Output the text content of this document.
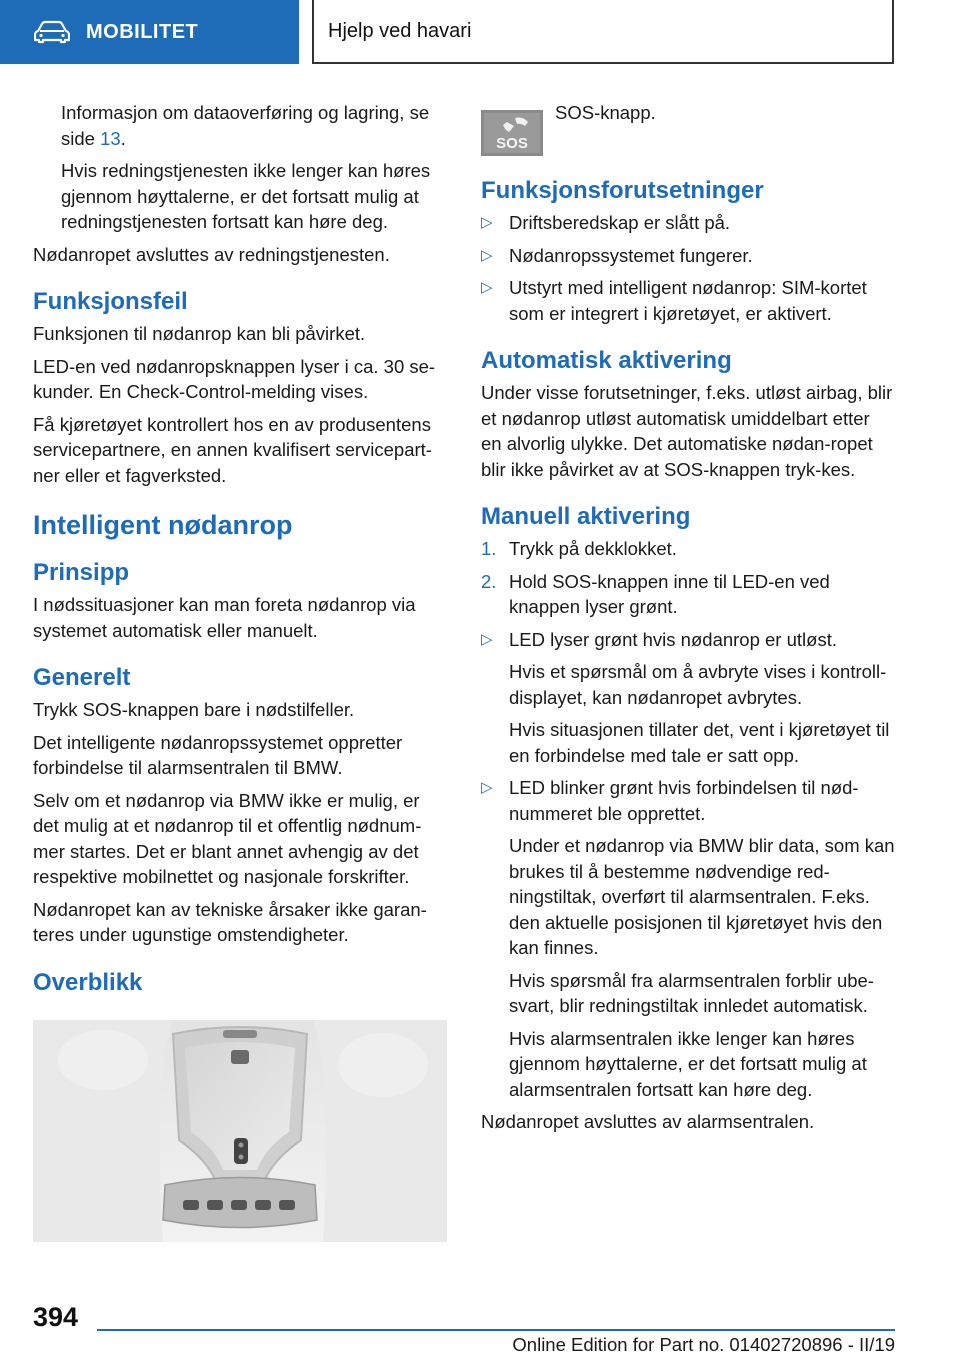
MOBILITET	Hjelp ved havari

Informasjon om dataoverføring og lagring, se side 13.

Hvis redningstjenesten ikke lenger kan høres gjennom høyttalerne, er det fortsatt mulig at redningstjenesten fortsatt kan høre deg.

Nødanropet avsluttes av redningstjenesten.

Funksjonsfeil

Funksjonen til nødanrop kan bli påvirket.

LED-en ved nødanropsknappen lyser i ca. 30 se-kunder. En Check-Control-melding vises.

Få kjøretøyet kontrollert hos en av produsentens servicepartnere, en annen kvalifisert servicepart-ner eller et fagverksted.

Intelligent nødanrop
Prinsipp

I nødssituasjoner kan man foreta nødanrop via systemet automatisk eller manuelt.

Generelt

Trykk SOS-knappen bare i nødstilfeller.

Det intelligente nødanropssystemet oppretter forbindelse til alarmsentralen til BMW.

Selv om et nødanrop via BMW ikke er mulig, er det mulig at et nødanrop til et offentlig nødnum-mer startes. Det er blant annet avhengig av det respektive mobilnettet og nasjonale forskrifter.

Nødanropet kan av tekniske årsaker ikke garan-teres under ugunstige omstendigheter.

Overblikk
SOS
SOS-knapp.
Funksjonsforutsetninger
▷ Driftsberedskap er slått på.
▷ Nødanropssystemet fungerer.
▷ Utstyrt med intelligent nødanrop: SIM-kortet som er integrert i kjøretøyet, er aktivert.
Automatisk aktivering

Under visse forutsetninger, f.eks. utløst airbag, blir et nødanrop utløst automatisk umiddelbart etter en alvorlig ulykke. Det automatiske nødan-ropet blir ikke påvirket av at SOS-knappen tryk-kes.

Manuell aktivering
1. Trykk på dekklokket.
2. Hold SOS-knappen inne til LED-en ved knappen lyser grønt.
▷ LED lyser grønt hvis nødanrop er utløst.

Hvis et spørsmål om å avbryte vises i kontroll-displayet, kan nødanropet avbrytes.

Hvis situasjonen tillater det, vent i kjøretøyet til en forbindelse med tale er satt opp.

▷ LED blinker grønt hvis forbindelsen til nød-nummeret ble opprettet.

Under et nødanrop via BMW blir data, som kan brukes til å bestemme nødvendige red-ningstiltak, overført til alarmsentralen. F.eks. den aktuelle posisjonen til kjøretøyet hvis den kan finnes.

Hvis spørsmål fra alarmsentralen forblir ube-svart, blir redningstiltak innledet automatisk.

Hvis alarmsentralen ikke lenger kan høres gjennom høyttalerne, er det fortsatt mulig at alarmsentralen fortsatt kan høre deg.

Nødanropet avsluttes av alarmsentralen.

394
Online Edition for Part no. 01402720896 - II/19
